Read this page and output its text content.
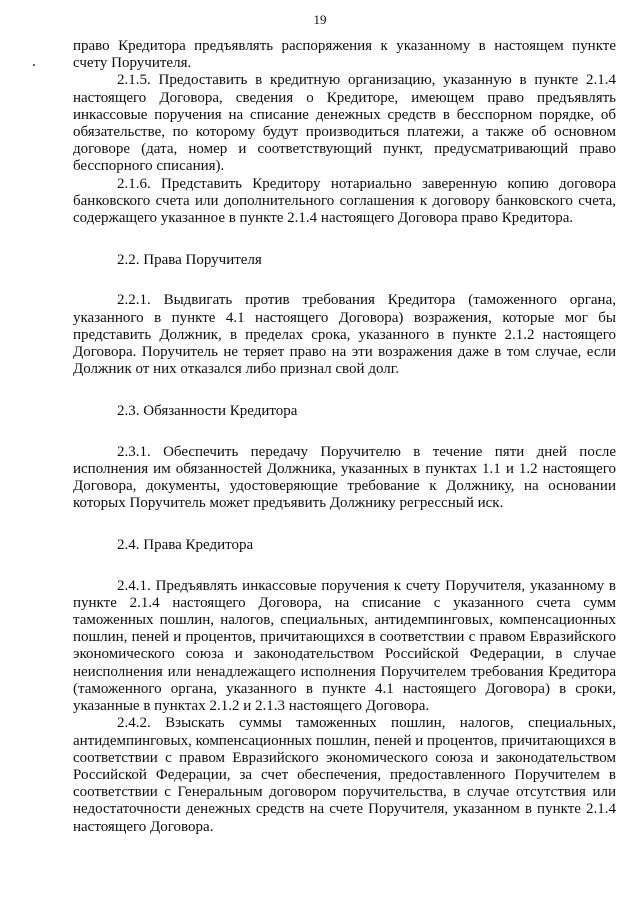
19

право Кредитора предъявлять распоряжения к указанному в настоящем пункте счету Поручителя.

2.1.5. Предоставить в кредитную организацию, указанную в пункте 2.1.4 настоящего Договора, сведения о Кредиторе, имеющем право предъявлять инкассовые поручения на списание денежных средств в бесспорном порядке, об обязательстве, по которому будут производиться платежи, а также об основном договоре (дата, номер и соответствующий пункт, предусматривающий право бесспорного списания).

2.1.6. Представить Кредитору нотариально заверенную копию договора банковского счета или дополнительного соглашения к договору банковского счета, содержащего указанное в пункте 2.1.4 настоящего Договора право Кредитора.

2.2. Права Поручителя

2.2.1. Выдвигать против требования Кредитора (таможенного органа, указанного в пункте 4.1 настоящего Договора) возражения, которые мог бы представить Должник, в пределах срока, указанного в пункте 2.1.2 настоящего Договора. Поручитель не теряет право на эти возражения даже в том случае, если Должник от них отказался либо признал свой долг.

2.3. Обязанности Кредитора

2.3.1. Обеспечить передачу Поручителю в течение пяти дней после исполнения им обязанностей Должника, указанных в пунктах 1.1 и 1.2 настоящего Договора, документы, удостоверяющие требование к Должнику, на основании которых Поручитель может предъявить Должнику регрессный иск.

2.4. Права Кредитора

2.4.1. Предъявлять инкассовые поручения к счету Поручителя, указанному в пункте 2.1.4 настоящего Договора, на списание с указанного счета сумм таможенных пошлин, налогов, специальных, антидемпинговых, компенсационных пошлин, пеней и процентов, причитающихся в соответствии с правом Евразийского экономического союза и законодательством Российской Федерации, в случае неисполнения или ненадлежащего исполнения Поручителем требования Кредитора (таможенного органа, указанного в пункте 4.1 настоящего Договора) в сроки, указанные в пунктах 2.1.2 и 2.1.3 настоящего Договора.

2.4.2. Взыскать суммы таможенных пошлин, налогов, специальных, антидемпинговых, компенсационных пошлин, пеней и процентов, причитающихся в соответствии с правом Евразийского экономического союза и законодательством Российской Федерации, за счет обеспечения, предоставленного Поручителем в соответствии с Генеральным договором поручительства, в случае отсутствия или недостаточности денежных средств на счете Поручителя, указанном в пункте 2.1.4 настоящего Договора.
